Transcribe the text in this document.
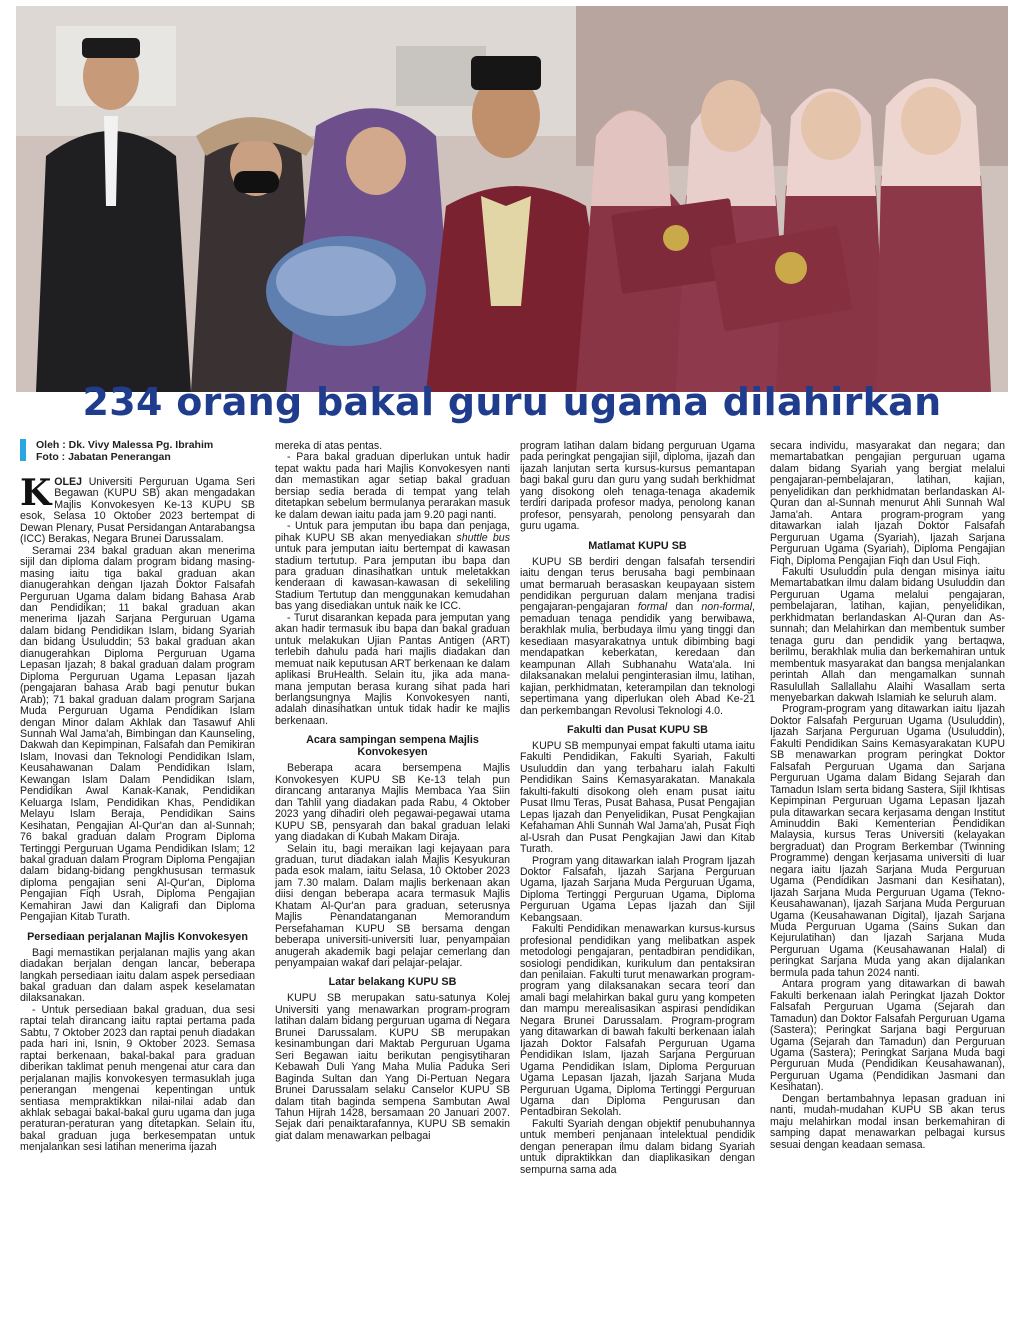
234 orang bakal guru ugama dilahirkan
Oleh : Dk. Vivy Malessa Pg. Ibrahim
Foto : Jabatan Penerangan

KOLEJ Universiti Perguruan Ugama Seri Begawan (KUPU SB) akan mengadakan Majlis Konvokesyen Ke-13 KUPU SB esok, Selasa 10 Oktober 2023 bertempat di Dewan Plenary, Pusat Persidangan Antarabangsa (ICC) Berakas, Negara Brunei Darussalam.

Seramai 234 bakal graduan akan menerima sijil dan diploma dalam program bidang masing-masing iaitu tiga bakal graduan akan dianugerahkan dengan Ijazah Doktor Falsafah Perguruan Ugama dalam bidang Bahasa Arab dan Pendidikan; 11 bakal graduan akan menerima Ijazah Sarjana Perguruan Ugama dalam bidang Pendidikan Islam, bidang Syariah dan bidang Usuluddin; 53 bakal graduan akan dianugerahkan Diploma Perguruan Ugama Lepasan Ijazah; 8 bakal graduan dalam program Diploma Perguruan Ugama Lepasan Ijazah (pengajaran bahasa Arab bagi penutur bukan Arab); 71 bakal graduan dalam program Sarjana Muda Perguruan Ugama Pendidikan Islam dengan Minor dalam Akhlak dan Tasawuf Ahli Sunnah Wal Jama'ah, Bimbingan dan Kaunseling, Dakwah dan Kepimpinan, Falsafah dan Pemikiran Islam, Inovasi dan Teknologi Pendidikan Islam, Keusahawanan Dalam Pendidikan Islam, Kewangan Islam Dalam Pendidikan Islam, Pendidikan Awal Kanak-Kanak, Pendidikan Keluarga Islam, Pendidikan Khas, Pendidikan Melayu Islam Beraja, Pendidikan Sains Kesihatan, Pengajian Al-Qur'an dan al-Sunnah; 76 bakal graduan dalam Program Diploma Tertinggi Perguruan Ugama Pendidikan Islam; 12 bakal graduan dalam Program Diploma Pengajian dalam bidang-bidang pengkhususan termasuk diploma pengajian seni Al-Qur'an, Diploma Pengajian Fiqh Usrah, Diploma Pengajian Kemahiran Jawi dan Kaligrafi dan Diploma Pengajian Kitab Turath.

Persediaan perjalanan Majlis Konvokesyen

Bagi memastikan perjalanan majlis yang akan diadakan berjalan dengan lancar, beberapa langkah persediaan iaitu dalam aspek persediaan bakal graduan dan dalam aspek keselamatan dilaksanakan.

- Untuk persediaan bakal graduan, dua sesi raptai telah dirancang iaitu raptai pertama pada Sabtu, 7 Oktober 2023 dan raptai penuh diadakan pada hari ini, Isnin, 9 Oktober 2023. Semasa raptai berkenaan, bakal-bakal para graduan diberikan taklimat penuh mengenai atur cara dan perjalanan majlis konvokesyen termasuklah juga penerangan mengenai kepentingan untuk sentiasa mempraktikkan nilai-nilai adab dan akhlak sebagai bakal-bakal guru ugama dan juga peraturan-peraturan yang ditetapkan. Selain itu, bakal graduan juga berkesempatan untuk menjalankan sesi latihan menerima ijazah

mereka di atas pentas.

- Para bakal graduan diperlukan untuk hadir tepat waktu pada hari Majlis Konvokesyen nanti dan memastikan agar setiap bakal graduan bersiap sedia berada di tempat yang telah ditetapkan sebelum bermulanya perarakan masuk ke dalam dewan iaitu pada jam 9.20 pagi nanti.

- Untuk para jemputan ibu bapa dan penjaga, pihak KUPU SB akan menyediakan shuttle bus untuk para jemputan iaitu bertempat di kawasan stadium tertutup. Para jemputan ibu bapa dan para graduan dinasihatkan untuk meletakkan kenderaan di kawasan-kawasan di sekeliling Stadium Tertutup dan menggunakan kemudahan bas yang disediakan untuk naik ke ICC.

- Turut disarankan kepada para jemputan yang akan hadir termasuk ibu bapa dan bakal graduan untuk melakukan Ujian Pantas Antigen (ART) terlebih dahulu pada hari majlis diadakan dan memuat naik keputusan ART berkenaan ke dalam aplikasi BruHealth. Selain itu, jika ada mana-mana jemputan berasa kurang sihat pada hari berlangsungnya Majlis Konvokesyen nanti, adalah dinasihatkan untuk tidak hadir ke majlis berkenaan.

Acara sampingan sempena Majlis Konvokesyen

Beberapa acara bersempena Majlis Konvokesyen KUPU SB Ke-13 telah pun dirancang antaranya Majlis Membaca Yaa Siin dan Tahlil yang diadakan pada Rabu, 4 Oktober 2023 yang dihadiri oleh pegawai-pegawai utama KUPU SB, pensyarah dan bakal graduan lelaki yang diadakan di Kubah Makam Diraja.

Selain itu, bagi meraikan lagi kejayaan para graduan, turut diadakan ialah Majlis Kesyukuran pada esok malam, iaitu Selasa, 10 Oktober 2023 jam 7.30 malam. Dalam majlis berkenaan akan diisi dengan beberapa acara termasuk Majlis Khatam Al-Qur'an para graduan, seterusnya Majlis Penandatanganan Memorandum Persefahaman KUPU SB bersama dengan beberapa universiti-universiti luar, penyampaian anugerah akademik bagi pelajar cemerlang dan penyampaian wakaf dari pelajar-pelajar.

Latar belakang KUPU SB

KUPU SB merupakan satu-satunya Kolej Universiti yang menawarkan program-program latihan dalam bidang perguruan ugama di Negara Brunei Darussalam. KUPU SB merupakan kesinambungan dari Maktab Perguruan Ugama Seri Begawan iaitu berikutan pengisytiharan Kebawah Duli Yang Maha Mulia Paduka Seri Baginda Sultan dan Yang Di-Pertuan Negara Brunei Darussalam selaku Canselor KUPU SB dalam titah baginda sempena Sambutan Awal Tahun Hijrah 1428, bersamaan 20 Januari 2007. Sejak dari penaiktarafannya, KUPU SB semakin giat dalam menawarkan pelbagai

program latihan dalam bidang perguruan Ugama pada peringkat pengajian sijil, diploma, ijazah dan ijazah lanjutan serta kursus-kursus pemantapan bagi bakal guru dan guru yang sudah berkhidmat yang disokong oleh tenaga-tenaga akademik terdiri daripada profesor madya, penolong kanan profesor, pensyarah, penolong pensyarah dan guru ugama.

Matlamat KUPU SB

KUPU SB berdiri dengan falsafah tersendiri iaitu dengan terus berusaha bagi pembinaan umat bermaruah berasaskan keupayaan sistem pendidikan perguruan dalam menjana tradisi pengajaran-pengajaran formal dan non-formal, pemaduan tenaga pendidik yang berwibawa, berakhlak mulia, berbudaya ilmu yang tinggi dan kesediaan masyarakatnya untuk dibimbing bagi mendapatkan keberkatan, keredaan dan keampunan Allah Subhanahu Wata'ala. Ini dilaksanakan melalui penginterasian ilmu, latihan, kajian, perkhidmatan, keterampilan dan teknologi sepertimana yang diperlukan oleh Abad Ke-21 dan perkembangan Revolusi Teknologi 4.0.

Fakulti dan Pusat KUPU SB

KUPU SB mempunyai empat fakulti utama iaitu Fakulti Pendidikan, Fakulti Syariah, Fakulti Usuluddin dan yang terbaharu ialah Fakulti Pendidikan Sains Kemasyarakatan. Manakala fakulti-fakulti disokong oleh enam pusat iaitu Pusat Ilmu Teras, Pusat Bahasa, Pusat Pengajian Lepas Ijazah dan Penyelidikan, Pusat Pengkajian Kefahaman Ahli Sunnah Wal Jama'ah, Pusat Fiqh al-Usrah dan Pusat Pengkajian Jawi dan Kitab Turath.

Program yang ditawarkan ialah Program Ijazah Doktor Falsafah, Ijazah Sarjana Perguruan Ugama, Ijazah Sarjana Muda Perguruan Ugama, Diploma Tertinggi Perguruan Ugama, Diploma Perguruan Ugama Lepas Ijazah dan Sijil Kebangsaan.

Fakulti Pendidikan menawarkan kursus-kursus profesional pendidikan yang melibatkan aspek metodologi pengajaran, pentadbiran pendidikan, sosiologi pendidikan, kurikulum dan pentaksiran dan penilaian. Fakulti turut menawarkan program-program yang dilaksanakan secara teori dan amali bagi melahirkan bakal guru yang kompeten dan mampu merealisasikan aspirasi pendidikan Negara Brunei Darussalam. Program-program yang ditawarkan di bawah fakulti berkenaan ialah Ijazah Doktor Falsafah Perguruan Ugama Pendidikan Islam, Ijazah Sarjana Perguruan Ugama Pendidikan Islam, Diploma Perguruan Ugama Lepasan Ijazah, Ijazah Sarjana Muda Perguruan Ugama, Diploma Tertinggi Perguruan Ugama dan Diploma Pengurusan dan Pentadbiran Sekolah.

Fakulti Syariah dengan objektif penubuhannya untuk memberi penjanaan intelektual pendidik dengan penerapan ilmu dalam bidang Syariah untuk dipraktikkan dan diaplikasikan dengan sempurna sama ada

secara individu, masyarakat dan negara; dan memartabatkan pengajian perguruan ugama dalam bidang Syariah yang bergiat melalui pengajaran-pembelajaran, latihan, kajian, penyelidikan dan perkhidmatan berlandaskan Al-Quran dan al-Sunnah menurut Ahli Sunnah Wal Jama'ah. Antara program-program yang ditawarkan ialah Ijazah Doktor Falsafah Perguruan Ugama (Syariah), Ijazah Sarjana Perguruan Ugama (Syariah), Diploma Pengajian Fiqh, Diploma Pengajian Fiqh dan Usul Fiqh.

Fakulti Usuluddin pula dengan misinya iaitu Memartabatkan ilmu dalam bidang Usuluddin dan Perguruan Ugama melalui pengajaran, pembelajaran, latihan, kajian, penyelidikan, perkhidmatan berlandaskan Al-Quran dan As-sunnah; dan Melahirkan dan membentuk sumber tenaga guru dan pendidik yang bertaqwa, berilmu, berakhlak mulia dan berkemahiran untuk membentuk masyarakat dan bangsa menjalankan perintah Allah dan mengamalkan sunnah Rasulullah Sallallahu Alaihi Wasallam serta menyebarkan dakwah Islamiah ke seluruh alam.

Program-program yang ditawarkan iaitu Ijazah Doktor Falsafah Perguruan Ugama (Usuluddin), Ijazah Sarjana Perguruan Ugama (Usuluddin), Fakulti Pendidikan Sains Kemasyarakatan KUPU SB menawarkan program peringkat Doktor Falsafah Perguruan Ugama dan Sarjana Perguruan Ugama dalam Bidang Sejarah dan Tamadun Islam serta bidang Sastera, Sijil Ikhtisas Kepimpinan Perguruan Ugama Lepasan Ijazah pula ditawarkan secara kerjasama dengan Institut Aminuddin Baki Kementerian Pendidikan Malaysia, kursus Teras Universiti (kelayakan bergraduat) dan Program Berkembar (Twinning Programme) dengan kerjasama universiti di luar negara iaitu Ijazah Sarjana Muda Perguruan Ugama (Pendidikan Jasmani dan Kesihatan), Ijazah Sarjana Muda Perguruan Ugama (Tekno-Keusahawanan), Ijazah Sarjana Muda Perguruan Ugama (Keusahawanan Digital), Ijazah Sarjana Muda Perguruan Ugama (Sains Sukan dan Kejurulatihan) dan Ijazah Sarjana Muda Perguruan Ugama (Keusahawanan Halal) di peringkat Sarjana Muda yang akan dijalankan bermula pada tahun 2024 nanti.

Antara program yang ditawarkan di bawah Fakulti berkenaan ialah Peringkat Ijazah Doktor Falsafah Perguruan Ugama (Sejarah dan Tamadun) dan Doktor Falsafah Perguruan Ugama (Sastera); Peringkat Sarjana bagi Perguruan Ugama (Sejarah dan Tamadun) dan Perguruan Ugama (Sastera); Peringkat Sarjana Muda bagi Perguruan Muda (Pendidikan Keusahawanan), Perguruan Ugama (Pendidikan Jasmani dan Kesihatan).

Dengan bertambahnya lepasan graduan ini nanti, mudah-mudahan KUPU SB akan terus maju melahirkan modal insan berkemahiran di samping dapat menawarkan pelbagai kursus sesuai dengan keadaan semasa.
